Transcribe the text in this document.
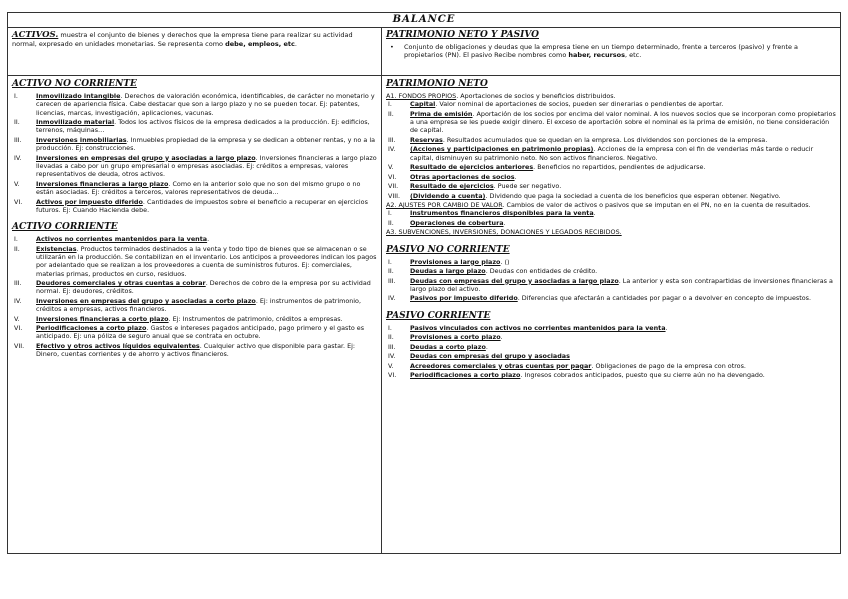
BALANCE
ACTIVOS. muestra el conjunto de bienes y derechos que la empresa tiene para realizar su actividad normal, expresado en unidades monetarias. Se representa como debe, empleos, etc.
PATRIMONIO NETO Y PASIVO
•	Conjunto de obligaciones y deudas que la empresa tiene en un tiempo determinado, frente a terceros (pasivo) y frente a propietarios (PN). El pasivo Recibe nombres como haber, recursos, etc.
ACTIVO NO CORRIENTE
I.	Inmovilizado intangible. Derechos de valoración económica, identificables, de carácter no monetario y carecen de apariencia física. Cabe destacar que son a largo plazo y no se pueden tocar. Ej: patentes, licencias, marcas, investigación, aplicaciones, vacunas.
II.	Inmovilizado material. Todos los activos físicos de la empresa dedicados a la producción. Ej: edificios, terrenos, máquinas…
III.	Inversiones inmobiliarias. Inmuebles propiedad de la empresa y se dedican a obtener rentas, y no a la producción. Ej: construcciones.
IV.	Inversiones en empresas del grupo y asociadas a largo plazo. Inversiones financieras a largo plazo llevadas a cabo por un grupo empresarial o empresas asociadas. Ej: créditos a empresas, valores representativos de deuda, otros activos.
V.	Inversiones financieras a largo plazo. Como en la anterior solo que no son del mismo grupo o no están asociadas. Ej: créditos a terceros, valores representativos de deuda…
VI.	Activos por impuesto diferido. Cantidades de impuestos sobre el beneficio a recuperar en ejercicios futuros. Ej: Cuando Hacienda debe.
ACTIVO CORRIENTE
I.	Activos no corrientes mantenidos para la venta.
II.	Existencias. Productos terminados destinados a la venta y todo tipo de bienes que se almacenan o se utilizarán en la producción. Se contabilizan en el inventario. Los anticipos a proveedores indican los pagos por adelantado que se realizan a los proveedores a cuenta de suministros futuros. Ej: comerciales, materias primas, productos en curso, residuos.
III.	Deudores comerciales y otras cuentas a cobrar. Derechos de cobro de la empresa por su actividad normal. Ej: deudores, créditos.
IV.	Inversiones en empresas del grupo y asociadas a corto plazo. Ej: instrumentos de patrimonio, créditos a empresas, activos financieros.
V.	Inversiones financieras a corto plazo. Ej: Instrumentos de patrimonio, créditos a empresas.
VI.	Periodificaciones a corto plazo. Gastos e intereses pagados anticipado, pago primero y el gasto es anticipado. Ej: una póliza de seguro anual que se contrata en octubre.
VII.	Efectivo y otros activos líquidos equivalentes. Cualquier activo que disponible para gastar. Ej: Dinero, cuentas corrientes y de ahorro y activos financieros.
PATRIMONIO NETO
A1. FONDOS PROPIOS. Aportaciones de socios y beneficios distribuidos.
I.	Capital. Valor nominal de aportaciones de socios, pueden ser dinerarias o pendientes de aportar.
II.	Prima de emisión. Aportación de los socios por encima del valor nominal. A los nuevos socios que se incorporan como propietarios a una empresa se les puede exigir dinero. El exceso de aportación sobre el nominal es la prima de emisión, no tiene consideración de capital.
III.	Reservas. Resultados acumulados que se quedan en la empresa. Los dividendos son porciones de la empresa.
IV.	(Acciones y participaciones en patrimonio propias). Acciones de la empresa con el fin de venderlas más tarde o reducir capital, disminuyen su patrimonio neto. No son activos financieros. Negativo.
V.	Resultado de ejercicios anteriores. Beneficios no repartidos, pendientes de adjudicarse.
VI.	Otras aportaciones de socios.
VII.	Resultado de ejercicios. Puede ser negativo.
VIII.	(Dividendo a cuenta). Dividendo que paga la sociedad a cuenta de los beneficios que esperan obtener. Negativo.
A2. AJUSTES POR CAMBIO DE VALOR. Cambios de valor de activos o pasivos que se imputan en el PN, no en la cuenta de resultados.
I.	Instrumentos financieros disponibles para la venta.
II.	Operaciones de cobertura.
A3. SUBVENCIONES, INVERSIONES, DONACIONES Y LEGADOS RECIBIDOS.
PASIVO NO CORRIENTE
I.	Provisiones a largo plazo. ()
II.	Deudas a largo plazo. Deudas con entidades de crédito.
III.	Deudas con empresas del grupo y asociadas a largo plazo. La anterior y esta son contrapartidas de inversiones financieras a largo plazo del activo.
IV.	Pasivos por impuesto diferido. Diferencias que afectarán a cantidades por pagar o a devolver en concepto de impuestos.
PASIVO CORRIENTE
I.	Pasivos vinculados con activos no corrientes mantenidos para la venta.
II.	Provisiones a corto plazo.
III.	Deudas a corto plazo.
IV.	Deudas con empresas del grupo y asociadas
V.	Acreedores comerciales y otras cuentas por pagar. Obligaciones de pago de la empresa con otros.
VI.	Periodificaciones a corto plazo. Ingresos cobrados anticipados, puesto que su cierre aún no ha devengado.
